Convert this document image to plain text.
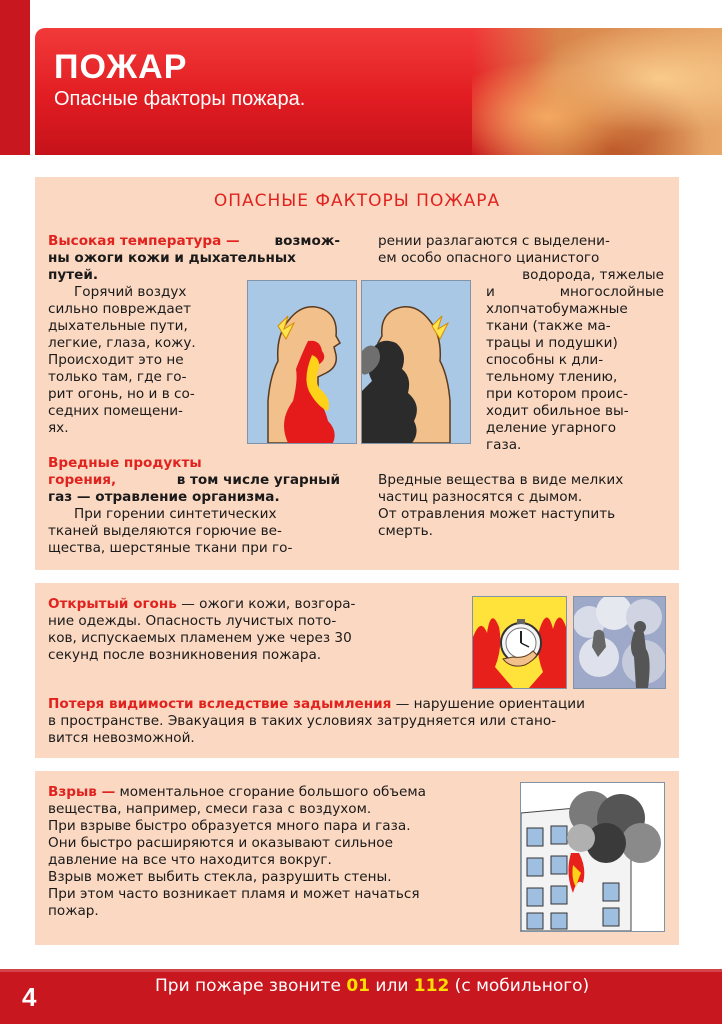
ПОЖАР
Опасные факторы пожара.
ОПАСНЫЕ ФАКТОРЫ ПОЖАРА
Высокая температура —	возмож-
ны ожоги кожи и дыхательных
путей.
Горячий воздух
сильно повреждает
дыхательные пути,
легкие, глаза, кожу.
Происходит это не
только там, где го-
рит огонь, но и в со-
седних помещени-
ях.
рении разлагаются с выделени-
ем особо опасного цианистого
водорода, тяжелые
и	многослойные
хлопчатобумажные
ткани (также ма-
трацы и подушки)
способны к дли-
тельному тлению,
при котором проис-
ходит обильное вы-
деление угарного
газа.
Вредные продукты
горения,	в том числе угарный
газ — отравление организма.
При горении синтетических
тканей выделяются горючие ве-
щества, шерстяные ткани при го-
Вредные вещества в виде мелких
частиц разносятся с дымом.
От отравления может наступить
смерть.
Открытый огонь — ожоги кожи, возгора-
ние одежды. Опасность лучистых пото-
ков, испускаемых пламенем уже через 30
секунд после возникновения пожара.
Потеря видимости вследствие задымления — нарушение ориентации
в пространстве. Эвакуация в таких условиях затрудняется или стано-
вится невозможной.
Взрыв — моментальное сгорание большого объема
вещества, например, смеси газа с воздухом.
При взрыве быстро образуется много пара и газа.
Они быстро расширяются и оказывают сильное
давление на все что находится вокруг.
Взрыв может выбить стекла, разрушить стены.
При этом часто возникает пламя и может начаться
пожар.
4	При пожаре звоните 01 или 112 (с мобильного)
